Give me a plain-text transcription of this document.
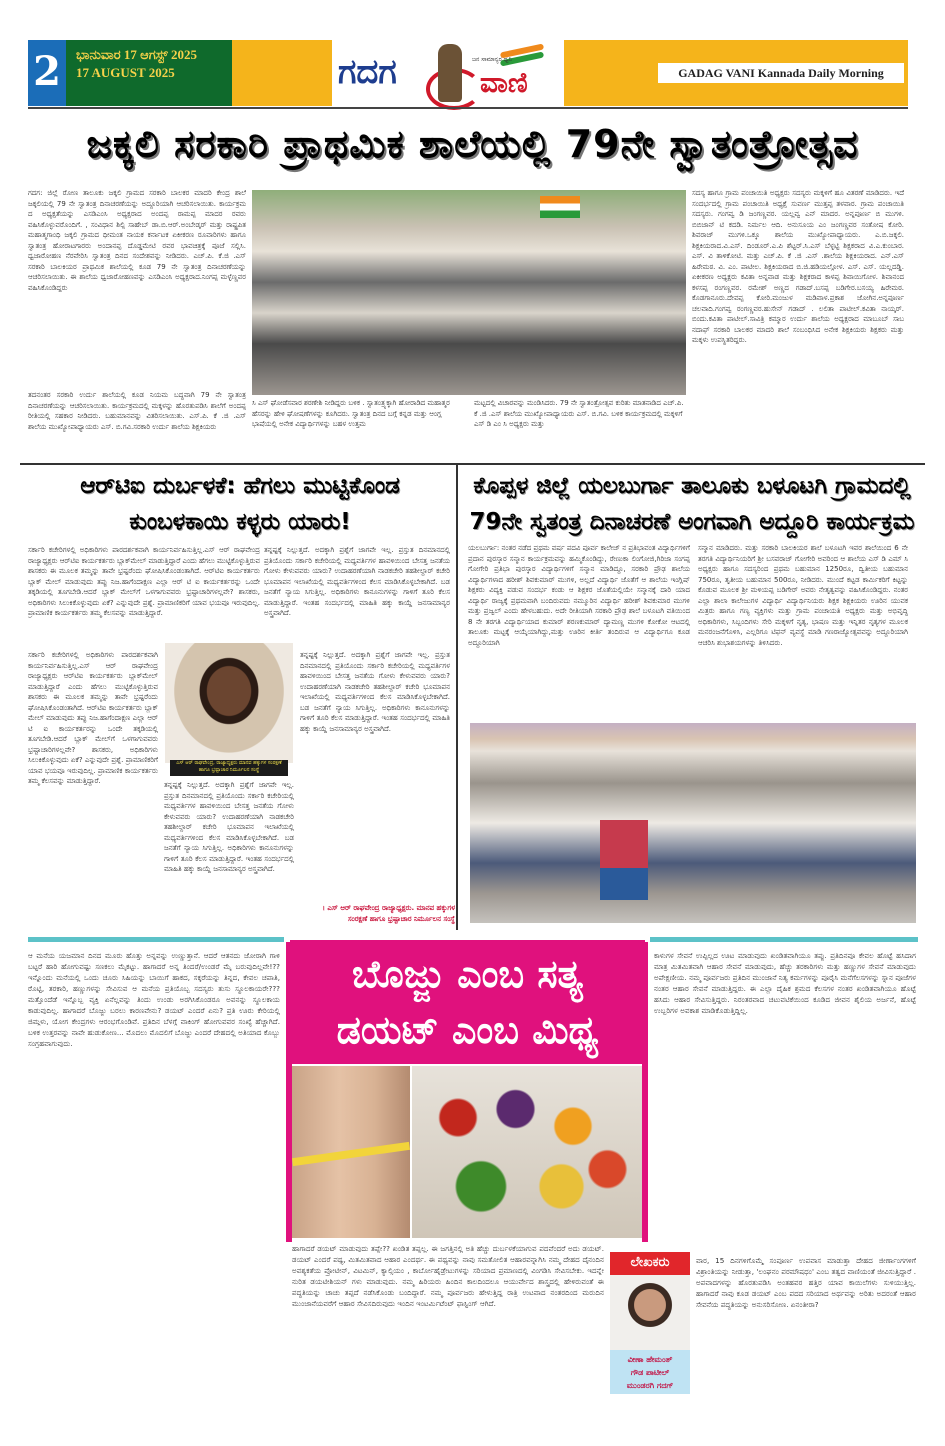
2	ಭಾನುವಾರ 17 ಆಗಸ್ಟ್ 2025
17 AUGUST 2025	ಗದಗ	ಜನ ಸಾಮಾನ್ಯರ ಧ್ವನಿ
ವಾಣಿ	GADAG VANI Kannada Daily Morning
ಜಕ್ಕಲಿ ಸರಕಾರಿ ಪ್ರಾಥಮಿಕ ಶಾಲೆಯಲ್ಲಿ 79ನೇ ಸ್ವಾತಂತ್ರೋತ್ಸವ
ಗದಗ: ಜಿಲ್ಲೆ ರೋಣ ತಾಲೂಕು ಜಕ್ಕಲಿ ಗ್ರಾಮದ ಸರಕಾರಿ ಬಾಲಕರ ಮಾದರಿ ಕೇಂದ್ರ ಶಾಲೆ ಜಕ್ಕಲಿಯಲ್ಲಿ 79 ನೇ ಸ್ವಾತಂತ್ರ ದಿನಾಚರಣೆಯನ್ನು ಅದ್ದೂರಿಯಾಗಿ ಆಚರಿಸಲಾಯಿತು. ಕಾರ್ಯಕ್ರಮ ದ ಅಧ್ಯಕ್ಷತೆಯನ್ನು ಎಸಡಿಎಂಸಿ ಅಧ್ಯಕ್ಷರಾದ ಅಂದಪ್ಪ ರಾಮಪ್ಪ ಮಾದರ ರವರು ವಹಿಸಿಕೊಳ್ಳುವರೊಂದಿಗೆ. , ಸಂವಿಧಾನ ಶಿಲ್ಪಿ ಸಾಹೇಬ್ ಡಾ.ಬಿ.ಆರ್.ಅಂಬೇಡ್ಕರ್ ಮತ್ತು ರಾಷ್ಟ್ರಪಿತ ಮಹಾತ್ಮಗಾಂಧಿ ಜಕ್ಕಲಿ ಗ್ರಾಮದ ಧೀಮಂತ ನಾಯಕ ಕರ್ನಾಟಕ ಏಕೀಕರಣ ರೂವಾರಿಗಳು ಹಾಗೂ ಸ್ವಾತಂತ್ರ ಹೋರಾಟಗಾರರು ಅಂದಾನಪ್ಪ ದೊಡ್ಡಮೇಟಿ ರವರ ಭಾವಚಿತ್ರಕ್ಕೆ ಪೂಜೆ ಸಲ್ಲಿಸಿ. ಧ್ವಜಾರೋಹಣ ನೆರವೇರಿಸಿ ಸ್ವಾತಂತ್ರ ದಿನದ ಸಂದೇಶವನ್ನು ನೀಡಿದರು. ಎಚ್.ಪಿ. ಕೆ.ಜಿ .ಎಸ್ ಸರಕಾರಿ ಬಾಲಕಿಯರ ಪ್ರಾಥಮಿಕ ಶಾಲೆಯಲ್ಲಿ ಕೂಡ 79 ನೇ ಸ್ವಾತಂತ್ರ ದಿನಾಚರಣೆಯನ್ನು ಆಚರಿಸಲಾಯಿತು. ಈ ಶಾಲೆಯ ಧ್ವಜಾರೋಹಣವನ್ನು ಎಸಡಿಎಂಸಿ ಅಧ್ಯಕ್ಷರಾದ.ನಿಂಗಪ್ಪ ಮಳ್ಳೆಣ್ಣವರ ವಹಿಸಿಕೊಂಡಿದ್ದರು
ತದನಂತರ ಸರಕಾರಿ ಉರ್ದು ಶಾಲೆಯಲ್ಲಿ ಕೂಡ ನಿಯಮ ಬದ್ಧವಾಗಿ 79 ನೇ ಸ್ವಾತಂತ್ರ ದಿನಾಚರಣೆಯನ್ನು ಆಚರಿಸಲಾಯಿತು. ಕಾರ್ಯಕ್ರಮದಲ್ಲಿ ಮಕ್ಕಳನ್ನು ಹೊರತುಪಡಿಸಿ ಶಾಲೆಗೆ ಅಂದಪ್ಪ ರೀತಿಯಲ್ಲಿ ಸಹಕಾರ ನೀಡಿದರು. ಬಹುಮಾನವನ್ನು ವಿತರಿಸಲಾಯಿತು. ಎಸ್.ಪಿ. ಕೆ .ಜಿ .ಎಸ್ ಶಾಲೆಯ ಮುಖ್ಯೋಪಾಧ್ಯಾಯರು ಎಸ್. ಬಿ.ಗವಿ.ಸರಕಾರಿ ಉರ್ದು ಶಾಲೆಯ ಶಿಕ್ಷಕಿಯರು
ಸಿ ಎಸ್ ಘೋಡೆಸವಾರ ಶರಣೇಶಿ ನೀಡಿದ್ದರು ಬಳಿಕ . ಸ್ವಾತಂತ್ರ್ಯಕ್ಕಾಗಿ ಹೋರಾಡಿದ ಮಹಾತ್ಮರ ಹೆಸರನ್ನು ಹೇಳಿ ಘೋಷಣೆಗಳನ್ನು ಕೂಗಿದರು. ಸ್ವಾತಂತ್ರ ದಿನದ ಬಗ್ಗೆ ಕನ್ನಡ ಮತ್ತು ಆಂಗ್ಲ ಭಾಷೆಯಲ್ಲಿ ಅನೇಕ ವಿದ್ಯಾರ್ಥಿಗಳನ್ನು ಬಹಳ ಉತ್ತಮ
ಮಟ್ಟದಲ್ಲಿ ವಿಚಾರವನ್ನು ಮಂಡಿಸಿದರು. 79 ನೇ ಸ್ವಾತಂತ್ರೋತ್ಸವ ಕುರಿತು ಮಾತನಾಡಿದ ಎಚ್.ಪಿ. ಕೆ .ಜಿ .ಎಸ್ ಶಾಲೆಯ ಮುಖ್ಯೋಪಾಧ್ಯಾಯರು ಎಸ್. ಬಿ.ಗವಿ. ಬಳಿಕ ಕಾರ್ಯಕ್ರಮದಲ್ಲಿ ಮಕ್ಕಳಿಗೆ ಎಸ್ ಡಿ ಎಂ ಸಿ ಅಧ್ಯಕ್ಷರು ಮತ್ತು
ಸದಸ್ಯ ಹಾಗೂ ಗ್ರಾಮ ಪಂಚಾಯಿತಿ ಅಧ್ಯಕ್ಷರು ಸದಸ್ಯರು ಮಕ್ಕಳಿಗೆ ಹೂ ವಿತರಣೆ ಮಾಡಿದರು. ಇದೆ ಸಂದರ್ಭದಲ್ಲಿ ಗ್ರಾಮ ಪಂಚಾಯಿತಿ ಅಧ್ಯಕ್ಷೆ ಸುವರ್ಣ ಮುತ್ತಪ್ಪ ತಳವಾರ. ಗ್ರಾಮ ಪಂಚಾಯಿತಿ ಸದಸ್ಯರು. ಗಂಗವ್ವ ಡಿ ಜಂಗಣ್ಣವರ. ಯಲ್ಲವ್ವ ಎನ್ ಮಾದರ. ಅನ್ನಪೂರ್ಣ ಬಿ ಮುಗಳಿ. ಬಿಬಿಜಾನ್ ಟಿ ಕದಡಿ. ನಿರ್ಮಲ ಆದಿ. ಅನುಸೂಯ ಎಂ ಜಂಗಣ್ಣವರ ಸಂತೋಷ ಕೋರಿ. ಶಿವರಾಜ್ ಮುಗಳಿ.ಒಕ್ಕೂ ಶಾಲೆಯ ಮುಖ್ಯೋಪಾಧ್ಯಾಯರು. ಎ.ಬಿ.ಜಕ್ಕಲಿ. ಶಿಕ್ಷಕಿಯರಾದ.ವಿ.ಎಸ್. ದಿಂಡೂರ್.ಎ.ಪಿ ಶೆಟ್ಟರ್.ಸಿ.ಎಸ್ ಬೆಳ್ಳಟ್ಟಿ ಶಿಕ್ಷಕರಾದ ವಿ.ಎ.ಕುಂಬಾರ. ಎಸ್. ವಿ ತಾಳಿಕೋಟಿ. ಮತ್ತು ಎಚ್.ಪಿ. ಕೆ .ಜಿ .ಎಸ್ .ಶಾಲೆಯ ಶಿಕ್ಷಕಿಯರಾದ. ಎನ್.ಎಸ್ ಹಿರೇಮಠ. ವಿ. ಎಂ. ಪಾಟೀಲ. ಶಿಕ್ಷಕಿಯರಾದ ಬಿ.ಜಿ.ಹಡಿಯಲ್ಗೋಳ. ಎಸ್. ಎಸ್. ಯಲ್ಲದಡ್ಡಿ. ಏಕೀಕರಣ ಅಧ್ಯಕ್ಷರು ಕವಿತಾ ಅನ್ನವಾಡ ಮತ್ತು ಶಿಕ್ಷಕರಾದ ಕಾಳಪ್ಪ ಶಿವಾಯಿಗೋಳ. ಶಿವಾನಂದ ಕಳಸಪ್ಪ ರಂಗಣ್ಣವರ. ರಮೇಶ್ ಅಣ್ಣದ ಗಡಾದ್.ಬಸಪ್ಪ ಬಡಿಗೇರ.ಬಸಯ್ಯ ಹಿರೇಮಠ. ಕೊಡಗಾನೂರು.ದೇವಪ್ಪ ಕೋರಿ.ಮಂಜುಳ ಮಡಿವಾಳ.ಪ್ರಕಾಶ ಜೋಗಿನ.ಅನ್ನಪೂರ್ಣ ಚಲವಾದಿ.ಗಂಗವ್ವ ರಂಗಣ್ಣವರ.ಹುಸೇನ್ ಗಡಾದ್ . ಲಲಿತಾ ಪಾಟೀಲ್.ಕವಿತಾ ನಾಯ್ಕರ್. ಬಿಂದು.ಕವಿತಾ ಪಾಟೀಲ್.ಸಾವಿತ್ರಿ ಕಮ್ಮಾರ ಉರ್ದು ಶಾಲೆಯ ಅಧ್ಯಕ್ಷರಾದ ಮಾಬೂಬ್ ಸಾಬ ನದಾಫ್ ಸರಕಾರಿ ಬಾಲಕರ ಮಾದರಿ ಶಾಲೆ ಸಂಬಂಧಿಸಿದ ಅನೇಕ ಶಿಕ್ಷಕಿಯರು ಶಿಕ್ಷಕರು ಮತ್ತು ಮಕ್ಕಳು ಉಪಸ್ಥಿತರಿದ್ದರು.
ಆರ್‌ಟಿಐ ದುರ್ಬಳಕೆ: ಹೆಗಲು ಮುಟ್ಟಿಕೊಂಡ
ಕುಂಬಳಕಾಯಿ ಕಳ್ಳರು ಯಾರು!
ಸರ್ಕಾರಿ ಕಚೇರಿಗಳಲ್ಲಿ ಅಧಿಕಾರಿಗಳು ಪಾರದರ್ಶಕವಾಗಿ ಕಾರ್ಯನಿರ್ವಹಿಸುತ್ತಿಲ್ಲ.ಎಸ್ ಆರ್ ರಾಘವೇಂದ್ರ ರಾಜ್ಯಾಧ್ಯಕ್ಷರು ಆರ್‌ಟಿಐ ಕಾರ್ಯಕರ್ತರು ಬ್ಲಾಕ್‌ಮೇಲ್ ಮಾಡುತ್ತಿದ್ದಾರೆ ಎಂದು ಹೆಗಲು ಮುಟ್ಟಿಕೊಳ್ಳುತ್ತಿರುವ ಶಾಸಕರು ಈ ಮೂಲಕ ತಮ್ಮನ್ನು ತಾವೇ ಭ್ರಷ್ಟರೆಂದು ಘೋಷಿಸಿಕೊಂಡಂತಾಗಿದೆ. ಆರ್‌ಟಿಐ ಕಾರ್ಯಕರ್ತರು ಬ್ಲಾಕ್ ಮೇಲ್ ಮಾಡುವುದು ತಪ್ಪು ನಿಜ.ಹಾಗೆಂದಾಕ್ಷಣ ಎಲ್ಲಾ ಆರ್ ಟಿ ಐ ಕಾರ್ಯಕರ್ತರನ್ನು ಒಂದೇ ತಕ್ಕಡಿಯಲ್ಲಿ ತೂಗಬೇಡಿ.ಆದರೆ ಬ್ಲಾಕ್ ಮೇಲ್‌ಗೆ ಒಳಗಾಗುವವರು ಭ್ರಷ್ಟಾಚಾರಿಗಳಲ್ಲವೇ? ಶಾಸಕರು, ಅಧಿಕಾರಿಗಳು ಸಿಲುಕಿಕೊಳ್ಳುವುದು ಏಕೆ? ಎನ್ನುವುದೇ ಪ್ರಶ್ನೆ. ಪ್ರಾಮಾಣಿಕರಿಗೆ ಯಾವ ಭಯವೂ ಇರುವುದಿಲ್ಲ. ಪ್ರಾಮಾಣಿಕ ಕಾರ್ಯಕರ್ತರು ತಮ್ಮ ಕೆಲಸವನ್ನು ಮಾಡುತ್ತಿದ್ದಾರೆ.
ಸರ್ಕಾರಿ ಕಚೇರಿಗಳಲ್ಲಿ ಅಧಿಕಾರಿಗಳು ಪಾರದರ್ಶಕವಾಗಿ ಕಾರ್ಯನಿರ್ವಹಿಸುತ್ತಿಲ್ಲ.ಎಸ್ ಆರ್ ರಾಘವೇಂದ್ರ ರಾಜ್ಯಾಧ್ಯಕ್ಷರು ಆರ್‌ಟಿಐ ಕಾರ್ಯಕರ್ತರು ಬ್ಲಾಕ್‌ಮೇಲ್ ಮಾಡುತ್ತಿದ್ದಾರೆ ಎಂದು ಹೆಗಲು ಮುಟ್ಟಿಕೊಳ್ಳುತ್ತಿರುವ ಶಾಸಕರು ಈ ಮೂಲಕ ತಮ್ಮನ್ನು ತಾವೇ ಭ್ರಷ್ಟರೆಂದು ಘೋಷಿಸಿಕೊಂಡಂತಾಗಿದೆ. ಆರ್‌ಟಿಐ ಕಾರ್ಯಕರ್ತರು ಬ್ಲಾಕ್ ಮೇಲ್ ಮಾಡುವುದು ತಪ್ಪು ನಿಜ.ಹಾಗೆಂದಾಕ್ಷಣ ಎಲ್ಲಾ ಆರ್ ಟಿ ಐ ಕಾರ್ಯಕರ್ತರನ್ನು ಒಂದೇ ತಕ್ಕಡಿಯಲ್ಲಿ ತೂಗಬೇಡಿ.ಆದರೆ ಬ್ಲಾಕ್ ಮೇಲ್‌ಗೆ ಒಳಗಾಗುವವರು ಭ್ರಷ್ಟಾಚಾರಿಗಳಲ್ಲವೇ? ಶಾಸಕರು, ಅಧಿಕಾರಿಗಳು ಸಿಲುಕಿಕೊಳ್ಳುವುದು ಏಕೆ? ಎನ್ನುವುದೇ ಪ್ರಶ್ನೆ. ಪ್ರಾಮಾಣಿಕರಿಗೆ ಯಾವ ಭಯವೂ ಇರುವುದಿಲ್ಲ. ಪ್ರಾಮಾಣಿಕ ಕಾರ್ಯಕರ್ತರು ತಮ್ಮ ಕೆಲಸವನ್ನು ಮಾಡುತ್ತಿದ್ದಾರೆ.
ತನ್ನಷ್ಟಕ್ಕೆ ನಿಲ್ಲುತ್ತದೆ. ಅದಕ್ಕಾಗಿ ಪ್ರಶ್ನೆಗೆ ಜಾಗವೇ ಇಲ್ಲ. ಪ್ರಸ್ತುತ ದಿನಮಾನದಲ್ಲಿ ಪ್ರತಿಯೊಂದು ಸರ್ಕಾರಿ ಕಚೇರಿಯಲ್ಲಿ ಮಧ್ಯವರ್ತಿಗಳ ಹಾವಳಿಯಿಂದ ಬೇಸತ್ತ ಜನತೆಯ ಗೋಳು ಕೇಳುವವರು ಯಾರು? ಉದಾಹರಣೆಯಾಗಿ ನಾಡಕಚೇರಿ ತಹಶೀಲ್ದಾರ್ ಕಚೇರಿ ಭೂಮಾಪನ ಇಲಾಖೆಯಲ್ಲಿ ಮಧ್ಯವರ್ತಿಗಳಿಂದ ಕೆಲಸ ಮಾಡಿಸಿಕೊಳ್ಳಬೇಕಾಗಿದೆ. ಬಡ ಜನತೆಗೆ ನ್ಯಾಯ ಸಿಗುತ್ತಿಲ್ಲ. ಅಧಿಕಾರಿಗಳು ಕಾನೂನುಗಳನ್ನು ಗಾಳಿಗೆ ತೂರಿ ಕೆಲಸ ಮಾಡುತ್ತಿದ್ದಾರೆ. ಇಂತಹ ಸಂದರ್ಭದಲ್ಲಿ ಮಾಹಿತಿ ಹಕ್ಕು ಕಾಯ್ದೆ ಜನಸಾಮಾನ್ಯರ ಅಸ್ತ್ರವಾಗಿದೆ.
ಎಸ್ ಆರ್ ರಾಘವೇಂದ್ರ, ರಾಜ್ಯಾಧ್ಯಕ್ಷರು ಮಾನವ ಹಕ್ಕುಗಳ ಸಂರಕ್ಷಣೆ ಹಾಗೂ ಭ್ರಷ್ಟಾಚಾರ ನಿರ್ಮೂಲನ ಸಂಸ್ಥೆ
ತನ್ನಷ್ಟಕ್ಕೆ ನಿಲ್ಲುತ್ತದೆ. ಅದಕ್ಕಾಗಿ ಪ್ರಶ್ನೆಗೆ ಜಾಗವೇ ಇಲ್ಲ. ಪ್ರಸ್ತುತ ದಿನಮಾನದಲ್ಲಿ ಪ್ರತಿಯೊಂದು ಸರ್ಕಾರಿ ಕಚೇರಿಯಲ್ಲಿ ಮಧ್ಯವರ್ತಿಗಳ ಹಾವಳಿಯಿಂದ ಬೇಸತ್ತ ಜನತೆಯ ಗೋಳು ಕೇಳುವವರು ಯಾರು? ಉದಾಹರಣೆಯಾಗಿ ನಾಡಕಚೇರಿ ತಹಶೀಲ್ದಾರ್ ಕಚೇರಿ ಭೂಮಾಪನ ಇಲಾಖೆಯಲ್ಲಿ ಮಧ್ಯವರ್ತಿಗಳಿಂದ ಕೆಲಸ ಮಾಡಿಸಿಕೊಳ್ಳಬೇಕಾಗಿದೆ. ಬಡ ಜನತೆಗೆ ನ್ಯಾಯ ಸಿಗುತ್ತಿಲ್ಲ. ಅಧಿಕಾರಿಗಳು ಕಾನೂನುಗಳನ್ನು ಗಾಳಿಗೆ ತೂರಿ ಕೆಲಸ ಮಾಡುತ್ತಿದ್ದಾರೆ. ಇಂತಹ ಸಂದರ್ಭದಲ್ಲಿ ಮಾಹಿತಿ ಹಕ್ಕು ಕಾಯ್ದೆ ಜನಸಾಮಾನ್ಯರ ಅಸ್ತ್ರವಾಗಿದೆ.
ತನ್ನಷ್ಟಕ್ಕೆ ನಿಲ್ಲುತ್ತದೆ. ಅದಕ್ಕಾಗಿ ಪ್ರಶ್ನೆಗೆ ಜಾಗವೇ ಇಲ್ಲ. ಪ್ರಸ್ತುತ ದಿನಮಾನದಲ್ಲಿ ಪ್ರತಿಯೊಂದು ಸರ್ಕಾರಿ ಕಚೇರಿಯಲ್ಲಿ ಮಧ್ಯವರ್ತಿಗಳ ಹಾವಳಿಯಿಂದ ಬೇಸತ್ತ ಜನತೆಯ ಗೋಳು ಕೇಳುವವರು ಯಾರು? ಉದಾಹರಣೆಯಾಗಿ ನಾಡಕಚೇರಿ ತಹಶೀಲ್ದಾರ್ ಕಚೇರಿ ಭೂಮಾಪನ ಇಲಾಖೆಯಲ್ಲಿ ಮಧ್ಯವರ್ತಿಗಳಿಂದ ಕೆಲಸ ಮಾಡಿಸಿಕೊಳ್ಳಬೇಕಾಗಿದೆ. ಬಡ ಜನತೆಗೆ ನ್ಯಾಯ ಸಿಗುತ್ತಿಲ್ಲ. ಅಧಿಕಾರಿಗಳು ಕಾನೂನುಗಳನ್ನು ಗಾಳಿಗೆ ತೂರಿ ಕೆಲಸ ಮಾಡುತ್ತಿದ್ದಾರೆ. ಇಂತಹ ಸಂದರ್ಭದಲ್ಲಿ ಮಾಹಿತಿ ಹಕ್ಕು ಕಾಯ್ದೆ ಜನಸಾಮಾನ್ಯರ ಅಸ್ತ್ರವಾಗಿದೆ.
। ಎಸ್ ಆರ್ ರಾಘವೇಂದ್ರ ರಾಜ್ಯಾಧ್ಯಕ್ಷರು. ಮಾನವ ಹಕ್ಕುಗಳ
ಸಂರಕ್ಷಣೆ ಹಾಗೂ ಭ್ರಷ್ಟಾಚಾರ ನಿರ್ಮೂಲನ ಸಂಸ್ಥೆ
ಕೊಪ್ಪಳ ಜಿಲ್ಲೆ ಯಲಬುರ್ಗಾ ತಾಲೂಕು ಬಳೂಟಗಿ ಗ್ರಾಮದಲ್ಲಿ
79ನೇ ಸ್ವತಂತ್ರ ದಿನಾಚರಣೆ ಅಂಗವಾಗಿ ಅದ್ದೂರಿ ಕಾರ್ಯಕ್ರಮ
ಯಲಬುರ್ಗಾ: ನಂತರ ನಡೆದ ಪ್ರಥಮ ವರ್ಷ ಪದವಿ ಪೂರ್ವ ಕಾಲೇಜ್ ನ ಪ್ರತಿಭಾವಂತ ವಿದ್ಯಾರ್ಥಿಗಳಿಗೆ ಪ್ರದಾನ ಪುರಸ್ಕಾರ ಸನ್ಮಾನ ಕಾರ್ಯಕ್ರಮವನ್ನು ಹಮ್ಮಿಕೊಂಡಿದ್ದು, ರೇಣುಕಾ ಲಿಂಗೋಜಿ,ಗಿರಿಜಾ ಸಂಗಪ್ಪ ಗೋಗೇರಿ ಪ್ರತಿಭಾ ಪುರಸ್ಕಾರ ವಿದ್ಯಾರ್ಥಿಗಳಿಗೆ ಸನ್ಮಾನ ಮಾಡಿದ್ದೂ, ಸರಕಾರಿ ಪ್ರೌಢ ಶಾಲೆಯ ವಿದ್ಯಾರ್ಥಿಗಳಾದ ಹರೀಶ್ ಶಿವಕುಮಾರ್ ಮುಗಳಿ, ಅಲ್ಲದೆ ವಿದ್ಯಾರ್ಥಿ ಜೊತೆಗೆ ಆ ಶಾಲೆಯ ಇಂಗ್ಲಿಷ್ ಶಿಕ್ಷಕರು ವಿದ್ಯಕ್ತಿ ಪಡುವ ಸಂದರ್ಭ ಕಂಡು ಆ ಶಿಕ್ಷಕರ ಜೊತೆಯಲ್ಲಿಯೇ ಸನ್ಮಾನಕ್ಕೆ ದಾರಿ ಯಾದ ವಿದ್ಯಾರ್ಥಿ ರಾಜ್ಯಕ್ಕೆ ಪ್ರಥಮವಾಗಿ ಬಂದಿರುವದು ನಮ್ಮೂರಿನ ವಿದ್ಯಾರ್ಥಿ ಹರೀಶ್ ಶಿವಕುಮಾರ ಮುಗಳಿ ಮತ್ತು ಪ್ರಜ್ವಲ್ ಎಂದು ಹೇಳಬಹುದು. ಅದೇ ರೀತಿಯಾಗಿ ಸರಕಾರಿ ಪ್ರೌಢ ಶಾಲೆ ಬಳೂಟಗಿ ವತಿಯಿಂದ 8 ನೇ ತರಗತಿ ವಿದ್ಯಾರ್ಥಿಯಾದ ಕುಮಾರ್ ಶರಣಕುಮಾರ್ ದ್ಯಾಮಣ್ಣ ಮುಗಳಿ ಕೋಕೋ ಆಟದಲ್ಲಿ ತಾಲೂಕು ಮಟ್ಟಕ್ಕೆ ಆಯ್ಕೆಯಾಗಿದ್ದು,ಮತ್ತು ಊರಿನ ಕೀರ್ತಿ ತಂದಿರುವ ಆ ವಿದ್ಯಾರ್ಥಿಗೂ ಕೂಡ ಅದ್ದೂರಿಯಾಗಿ
ಸನ್ಮಾನ ಮಾಡಿದರು. ಮತ್ತು ಸರಕಾರಿ ಬಾಲಕಿಯರ ಶಾಲೆ ಬಳೂಟಗಿ ಇವರ ಶಾಲೆಯಿಂದ 6 ನೇ ತರಗತಿ ವಿದ್ಯಾರ್ಥಿನಿಯರಿಗೆ ಶ್ರೀ ಬಸವರಾಜ್ ಗೋಗೇರಿ ಅವರಿಂದ ಆ ಶಾಲೆಯ ಎಸ್ ಡಿ ಎಮ್ ಸಿ ಅಧ್ಯಕ್ಷರು ಹಾಗೂ ಸದಸ್ಯರಿಂದ ಪ್ರಥಮ ಬಹುಮಾನ 1250ರೂ, ದ್ವಿತೀಯ ಬಹುಮಾನ 750ರೂ, ತೃತೀಯ ಬಹುಮಾನ 500ರೂ, ನೀಡಿದರು. ಮುಂದೆ ಕಟ್ಟಡ ಕಾರ್ಮಿಕರಿಗೆ ಕಿಟ್ಟನ್ನು ಕೊಡುವ ಮೂಲಕ ಶ್ರೀ ಮಳಿಯಪ್ಪ ಬಡಿಗೇರ್ ಅವರು ನೇತೃತ್ವವನ್ನು ವಹಿಸಿಕೊಂಡಿದ್ದರು. ನಂತರ ಎಲ್ಲಾ ಶಾಲಾ ಕಾಲೇಜುಗಳ ವಿದ್ಯಾರ್ಥಿ ವಿದ್ಯಾರ್ಥಿನಿಯರು ಶಿಕ್ಷಕ ಶಿಕ್ಷಕಿಯರು ಊರಿನ ಯುವಕ ಮಿತ್ರರು ಹಾಗೂ ಗಣ್ಯ ವ್ಯಕ್ತಿಗಳು ಮತ್ತು ಗ್ರಾಮ ಪಂಚಾಯತಿ ಅಧ್ಯಕ್ಷರು ಮತ್ತು ಅಭಿವೃದ್ಧಿ ಅಧಿಕಾರಿಗಳು, ಸಿಬ್ಬಂದಿಗಳು ಸೇರಿ ಮಕ್ಕಳಿಗೆ ನೃತ್ಯ, ಭಾಷಣ ಮತ್ತು ಇನ್ನಿತರ ನೃತ್ಯಗಳ ಮೂಲಕ ಮನರಂಜನೆಗೊಳಿಸಿ, ಎಲ್ಲರಿಗೂ ಟಿಫನ್ ವ್ಯವಸ್ಥೆ ಮಾಡಿ ಗಣರಾಜ್ಯೋತ್ಸವವನ್ನು ಅದ್ದೂರಿಯಾಗಿ ಆಚರಿಸಿ ಶುಭಾಶಯಗಳನ್ನು ತಿಳಿಸಿದರು.
ಬೊಜ್ಜು ಎಂಬ ಸತ್ಯ
ಡಯಟ್ ಎಂಬ ಮಿಥ್ಯ
ಆ ಮನೆಯ ಯಜಮಾನ ದಿನದ ಮೂರು ಹೊತ್ತು ಅನ್ನವನ್ನು ಉಣ್ಣುತ್ತಾನೆ. ಆದರೆ ಆತನದು ಜೋರಾಗಿ ಗಾಳಿ ಬಟ್ಟರೆ ಹಾರಿ ಹೋಗುವಷ್ಟು ಸಣಕಲು ಮೈಕಟ್ಟು. ಹಾಗಾದರೆ ಅನ್ನ ತಿಂದರೆ/ಉಂಡರೆ ಮೈ ಬರುವುದಿಲ್ಲವೇ!?? ಇನ್ನೊಂದು ಮನೆಯಲ್ಲಿ ಒಂದು ಚೂರು ಸಿಹಿಯನ್ನು ಬಾಯಿಗೆ ಹಾಕದ, ಸಕ್ಕರೆಯನ್ನು ತಿನ್ನದ, ಕೇವಲ ಚಪಾತಿ, ರೊಟ್ಟಿ, ತರಕಾರಿ, ಹಣ್ಣುಗಳನ್ನು ಸೇವಿಸುವ ಆ ಮನೆಯ ಪ್ರತಿಯೊಬ್ಬ ಸದಸ್ಯರು ತುಸು ಸ್ಥೂಲಕಾಯರೇ??? ಮತ್ತೊಂದೆಡೆ ಇನ್ನೊಬ್ಬ ವ್ಯಕ್ತಿ ಏನೆಲ್ಲವನ್ನು ತಿಂದು ಉಂಡು ಅರಗಿಸಿಕೊಂಡರೂ ಅವನನ್ನು ಸ್ಥೂಲಕಾಯ ಕಾಡುವುದಿಲ್ಲ. ಹಾಗಾದರೆ ಬೊಜ್ಜು ಬರಲು ಕಾರಣವೇನು? ಡಯಟ್ ಎಂದರೆ ಏನು? ಪ್ರತಿ ಊರು ಕೇರಿಯಲ್ಲಿ ಜಿಮ್ಗಳು, ಯೋಗ ಕೇಂದ್ರಗಳು ಆರಂಭಗೊಂಡಿವೆ. ಪ್ರತಿದಿನ ಬೆಳಗ್ಗೆ ವಾಕಿಂಗ್ ಹೋಗುವವರ ಸಂಖ್ಯೆ ಹೆಚ್ಚಾಗಿದೆ. ಬಳಿಕ ಉತ್ತರವನ್ನು ನಾವೇ ಹುಡುಕೋಣ... ಮೊದಲು ಮೊದಲಿಗೆ ಬೊಜ್ಜು ಎಂದರೆ ದೇಹದಲ್ಲಿ ಅತಿಯಾದ ಕೊಬ್ಬು ಸಂಗ್ರಹವಾಗುವುದು.
ಹಾಗಾದರೆ ಡಯಟ್ ಮಾಡುವುದು ತಪ್ಪೇ?? ಖಂಡಿತ ತಪ್ಪಲ್ಲ. ಈ ಜಗತ್ತಿನಲ್ಲಿ ಅತಿ ಹೆಚ್ಚು ದುರ್ಬಳಕೆಯಾಗುವ ಪದವೆಂದರೆ ಅದು ಡಯಟ್. ಡಯಟ್ ಎಂದರೆ ಪಥ್ಯ, ಮಿತಮಿತವಾದ ಆಹಾರ ಎಂದರ್ಥ. ಈ ಪಥ್ಯವನ್ನು ನಾವು ಸಮತೋಲಿತ ಆಹಾರವನ್ನಾಗಿಸಿ ನಮ್ಮ ದೇಹದ ದೈನಂದಿನ ಅವಶ್ಯಕತೆಯ ಪ್ರೋಟೀನ್, ವಿಟಮಿನ್, ಕ್ಯಾಲ್ಸಿಯಂ , ಕಾರ್ಬೋಹೈಡ್ರೇಟುಗಳನ್ನು ಸರಿಯಾದ ಪ್ರಮಾಣದಲ್ಲಿ ವಿಂಗಡಿಸಿ ಸೇವಿಸಬೇಕು. ಇದನ್ನೇ ನುರಿತ ಡಯಟೀಶಿಯನ್ ಗಳು ಮಾಡುವುದು. ನಮ್ಮ ಹಿರಿಯರು ಹಿಂದಿನ ಕಾಲದಿಂದಲೂ ಆಯುರ್ವೇದ ಶಾಸ್ತ್ರದಲ್ಲಿ ಹೇಳಿರುವಂತೆ ಈ ಪದ್ಧತಿಯನ್ನು ಚಾಚು ತಪ್ಪದೆ ನಡೆಸಿಕೊಂಡು ಬಂದಿದ್ದಾರೆ. ನಮ್ಮ ಪೂರ್ವಜರು ಹೇಳುತ್ತಿದ್ದ ರಾತ್ರಿ ಉಟವಾದ ನಂತರದಿಂದ ಮರುದಿನ ಮುಂಜಾನೆಯವರೆಗೆ ಆಹಾರ ಸೇವಿಸದಿರುವುದು ಇಂದಿನ ಇಂಟರ್ಮಿಟೆಂಟ್ ಫಾಸ್ಟಿಂಗ್ ಆಗಿದೆ.
ಕಾಳುಗಳ ಸೇವನೆ ಉಪ್ಪಿಲ್ಲದ ಊಟ ಮಾಡುವುದು ಖಂಡಿತವಾಗಿಯೂ ತಪ್ಪು. ಪ್ರತಿದಿನವೂ ಕೇವಲ ಹೊಟ್ಟೆ ಹಸಿದಾಗ ಮಾತ್ರ ಮಿತಮಿತವಾಗಿ ಆಹಾರ ಸೇವನೆ ಮಾಡುವುದು, ಹೆಚ್ಚು ತರಕಾರಿಗಳು ಮತ್ತು ಹಣ್ಣುಗಳ ಸೇವನೆ ಮಾಡುವುದು ಅಪೇಕ್ಷಣೀಯ. ನಮ್ಮ ಪೂರ್ವಜರು ಪ್ರತಿದಿನ ಮುಂಜಾನೆ ನಿತ್ಯ ಕರ್ಮಗಳನ್ನು ಪೂರೈಸಿ ಮನೆಗೆಲಸಗಳನ್ನು ಸ್ನಾನ ಪೂಜೆಗಳ ನಂತರ ಆಹಾರ ಸೇವನೆ ಮಾಡುತ್ತಿದ್ದರು. ಈ ಎಲ್ಲಾ ದೈಹಿಕ ಶ್ರಮದ ಕೆಲಸಗಳ ನಂತರ ಖಂಡಿತವಾಗಿಯೂ ಹೊಟ್ಟೆ ಹಸಿದು ಆಹಾರ ಸೇವಿಸುತ್ತಿದ್ದರು. ನಿರಂತರವಾದ ಚಟುವಟಿಕೆಯಿಂದ ಕೂಡಿದ ಜೀವನ ಶೈಲಿಯ ಅರ್ಜನೆ, ಹೊಟ್ಟೆ ಉಬ್ಬರಿಗಳ ಅವಕಾಶ ಮಾಡಿಕೊಡುತ್ತಿದ್ದಿಲ್ಲ.
ವಾರ, 15 ದಿನಗಳಿಗೊಮ್ಮೆ ಸಂಪೂರ್ಣ ಉಪವಾಸ ಮಾಡುತ್ತಾ ದೇಹದ ಜೀರ್ಣಾಂಗಗಳಿಗೆ ವಿಶ್ರಾಂತಿಯನ್ನು ನೀಡುತ್ತಾ, 'ಲಂಘನಂ ಪರಮೌಷಧಂ' ಎಂಬ ತತ್ವದ ವಾಣಿಯಂತೆ ಜೀವಿಸುತ್ತಿದ್ದಾರೆ . ಅಪವಾದಗಳನ್ನು ಹೊರತುಪಡಿಸಿ ಅಂತಹವರ ಹತ್ತಿರ ಯಾವ ಕಾಯಿಲೆಗಳು ಸುಳಿಯುತ್ತಿಲ್ಲ. ಹಾಗಾದರೆ ನಾವು ಕೂಡ ಡಯಟ್ ಎಂಬ ಪದದ ಸರಿಯಾದ ಅರ್ಥವನ್ನು ಅರಿತು ಅದರಂತೆ ಆಹಾರ ಸೇವನೆಯ ಪದ್ಧತಿಯನ್ನು ಅನುಸರಿಸೋಣ. ಏನಂತೀರಾ?
ಲೇಖಕರು
ವೀಣಾ ಹೇಮಂತ್
ಗೌಡ ಪಾಟೀಲ್
ಮುಂಡರಗಿ ಗದಗ್
